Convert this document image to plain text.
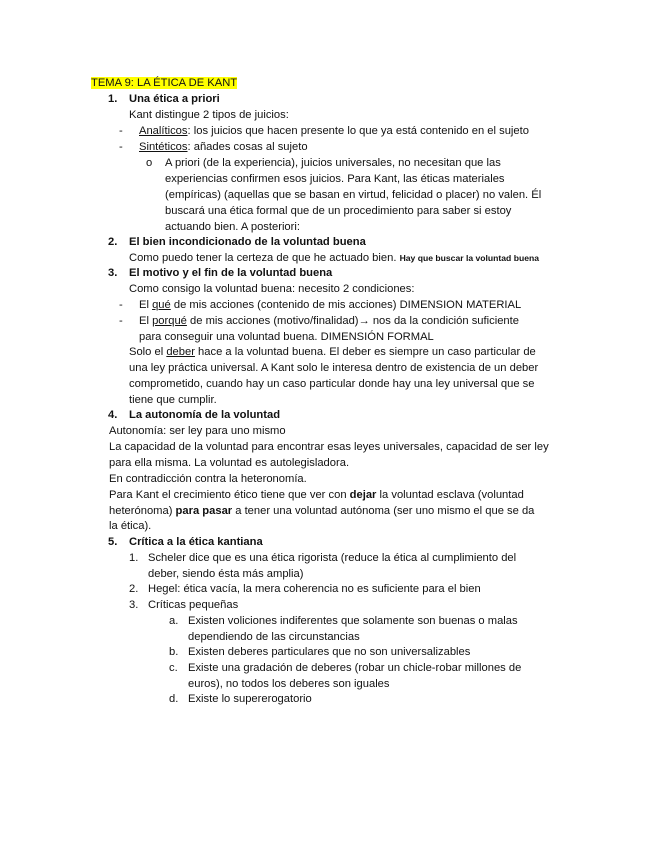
TEMA 9: LA ÉTICA DE KANT
1. Una ética a priori
Kant distingue 2 tipos de juicios:
- Analíticos: los juicios que hacen presente lo que ya está contenido en el sujeto
- Sintéticos: añades cosas al sujeto
o A priori (de la experiencia), juicios universales, no necesitan que las
experiencias confirmen esos juicios. Para Kant, las éticas materiales
(empíricas) (aquellas que se basan en virtud, felicidad o placer) no valen. Él
buscará una ética formal que de un procedimiento para saber si estoy
actuando bien. A posteriori:
2. El bien incondicionado de la voluntad buena
Como puedo tener la certeza de que he actuado bien. Hay que buscar la voluntad buena
3. El motivo y el fin de la voluntad buena
Como consigo la voluntad buena: necesito 2 condiciones:
- El qué de mis acciones (contenido de mis acciones) DIMENSION MATERIAL
- El porqué de mis acciones (motivo/finalidad)→ nos da la condición suficiente
para conseguir una voluntad buena. DIMENSIÓN FORMAL
Solo el deber hace a la voluntad buena. El deber es siempre un caso particular de
una ley práctica universal. A Kant solo le interesa dentro de existencia de un deber
comprometido, cuando hay un caso particular donde hay una ley universal que se
tiene que cumplir.
4. La autonomía de la voluntad
Autonomía: ser ley para uno mismo
La capacidad de la voluntad para encontrar esas leyes universales, capacidad de ser ley
para ella misma. La voluntad es autolegisladora.
En contradicción contra la heteronomía.
Para Kant el crecimiento ético tiene que ver con dejar la voluntad esclava (voluntad
heterónoma) para pasar a tener una voluntad autónoma (ser uno mismo el que se da
la ética).
5. Crítica a la ética kantiana
1. Scheler dice que es una ética rigorista (reduce la ética al cumplimiento del
deber, siendo ésta más amplia)
2. Hegel: ética vacía, la mera coherencia no es suficiente para el bien
3. Críticas pequeñas
a. Existen voliciones indiferentes que solamente son buenas o malas
dependiendo de las circunstancias
b. Existen deberes particulares que no son universalizables
c. Existe una gradación de deberes (robar un chicle-robar millones de
euros), no todos los deberes son iguales
d. Existe lo supererogatorio
